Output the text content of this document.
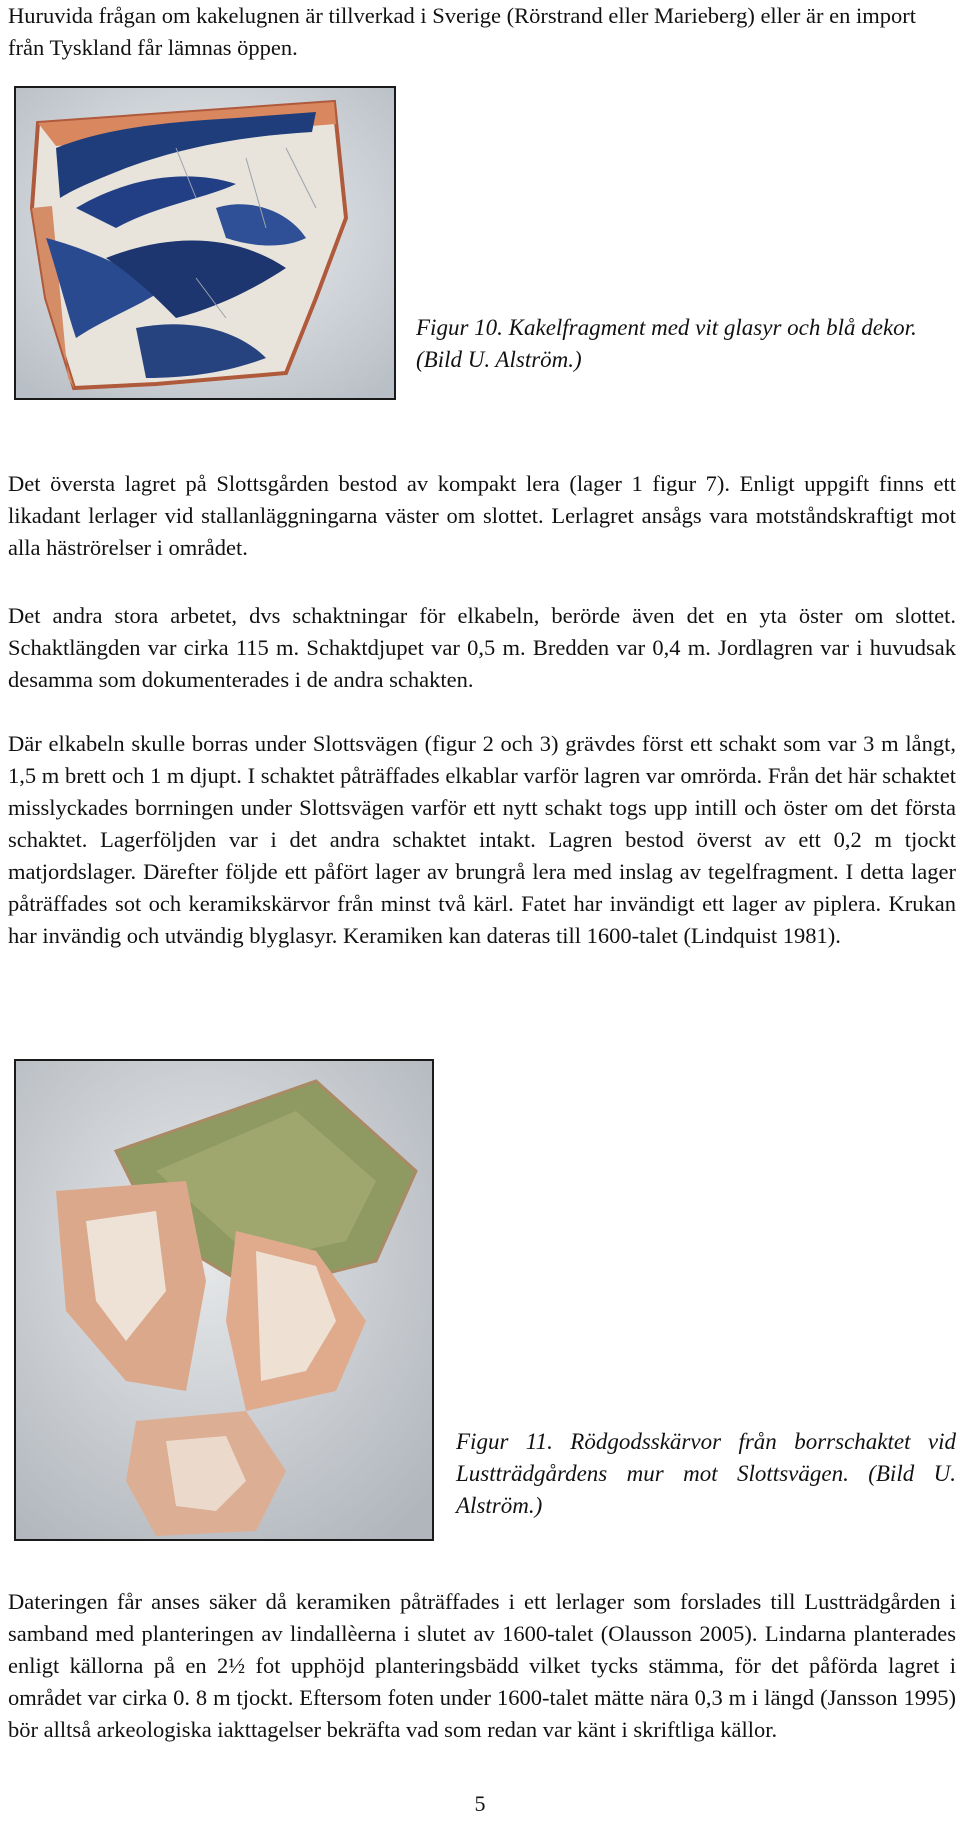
Huruvida frågan om kakelugnen är tillverkad i Sverige (Rörstrand eller Marieberg) eller är en import från Tyskland får lämnas öppen.

Figur 10. Kakelfragment med vit glasyr och blå dekor.
(Bild U. Alström.)

Det översta lagret på Slottsgården bestod av kompakt lera (lager 1 figur 7). Enligt uppgift finns ett likadant lerlager vid stallanläggningarna väster om slottet. Lerlagret ansågs vara motståndskraftigt mot alla häströrelser i området.

Det andra stora arbetet, dvs schaktningar för elkabeln, berörde även det en yta öster om slottet. Schaktlängden var cirka 115 m. Schaktdjupet var 0,5 m. Bredden var 0,4 m. Jordlagren var i huvudsak desamma som dokumenterades i de andra schakten.

Där elkabeln skulle borras under Slottsvägen (figur 2 och 3) grävdes först ett schakt som var 3 m långt, 1,5 m brett och 1 m djupt. I schaktet påträffades elkablar varför lagren var omrörda. Från det här schaktet misslyckades borrningen under Slottsvägen varför ett nytt schakt togs upp intill och öster om det första schaktet. Lagerföljden var i det andra schaktet intakt. Lagren bestod överst av ett 0,2 m tjockt matjordslager. Därefter följde ett påfört lager av brungrå lera med inslag av tegelfragment. I detta lager påträffades sot och keramikskärvor från minst två kärl. Fatet har invändigt ett lager av piplera. Krukan har invändig och utvändig blyglasyr. Keramiken kan dateras till 1600-talet (Lindquist 1981).

Figur 11. Rödgodsskärvor från borrschaktet vid Lustträdgårdens mur mot Slottsvägen. (Bild U. Alström.)

Dateringen får anses säker då keramiken påträffades i ett lerlager som forslades till Lustträdgården i samband med planteringen av lindallèerna i slutet av 1600-talet (Olausson 2005). Lindarna planterades enligt källorna på en 2½ fot upphöjd planteringsbädd vilket tycks stämma, för det påförda lagret i området var cirka 0. 8 m tjockt. Eftersom foten under 1600-talet mätte nära 0,3 m i längd (Jansson 1995) bör alltså arkeologiska iakttagelser bekräfta vad som redan var känt i skriftliga källor.

5
